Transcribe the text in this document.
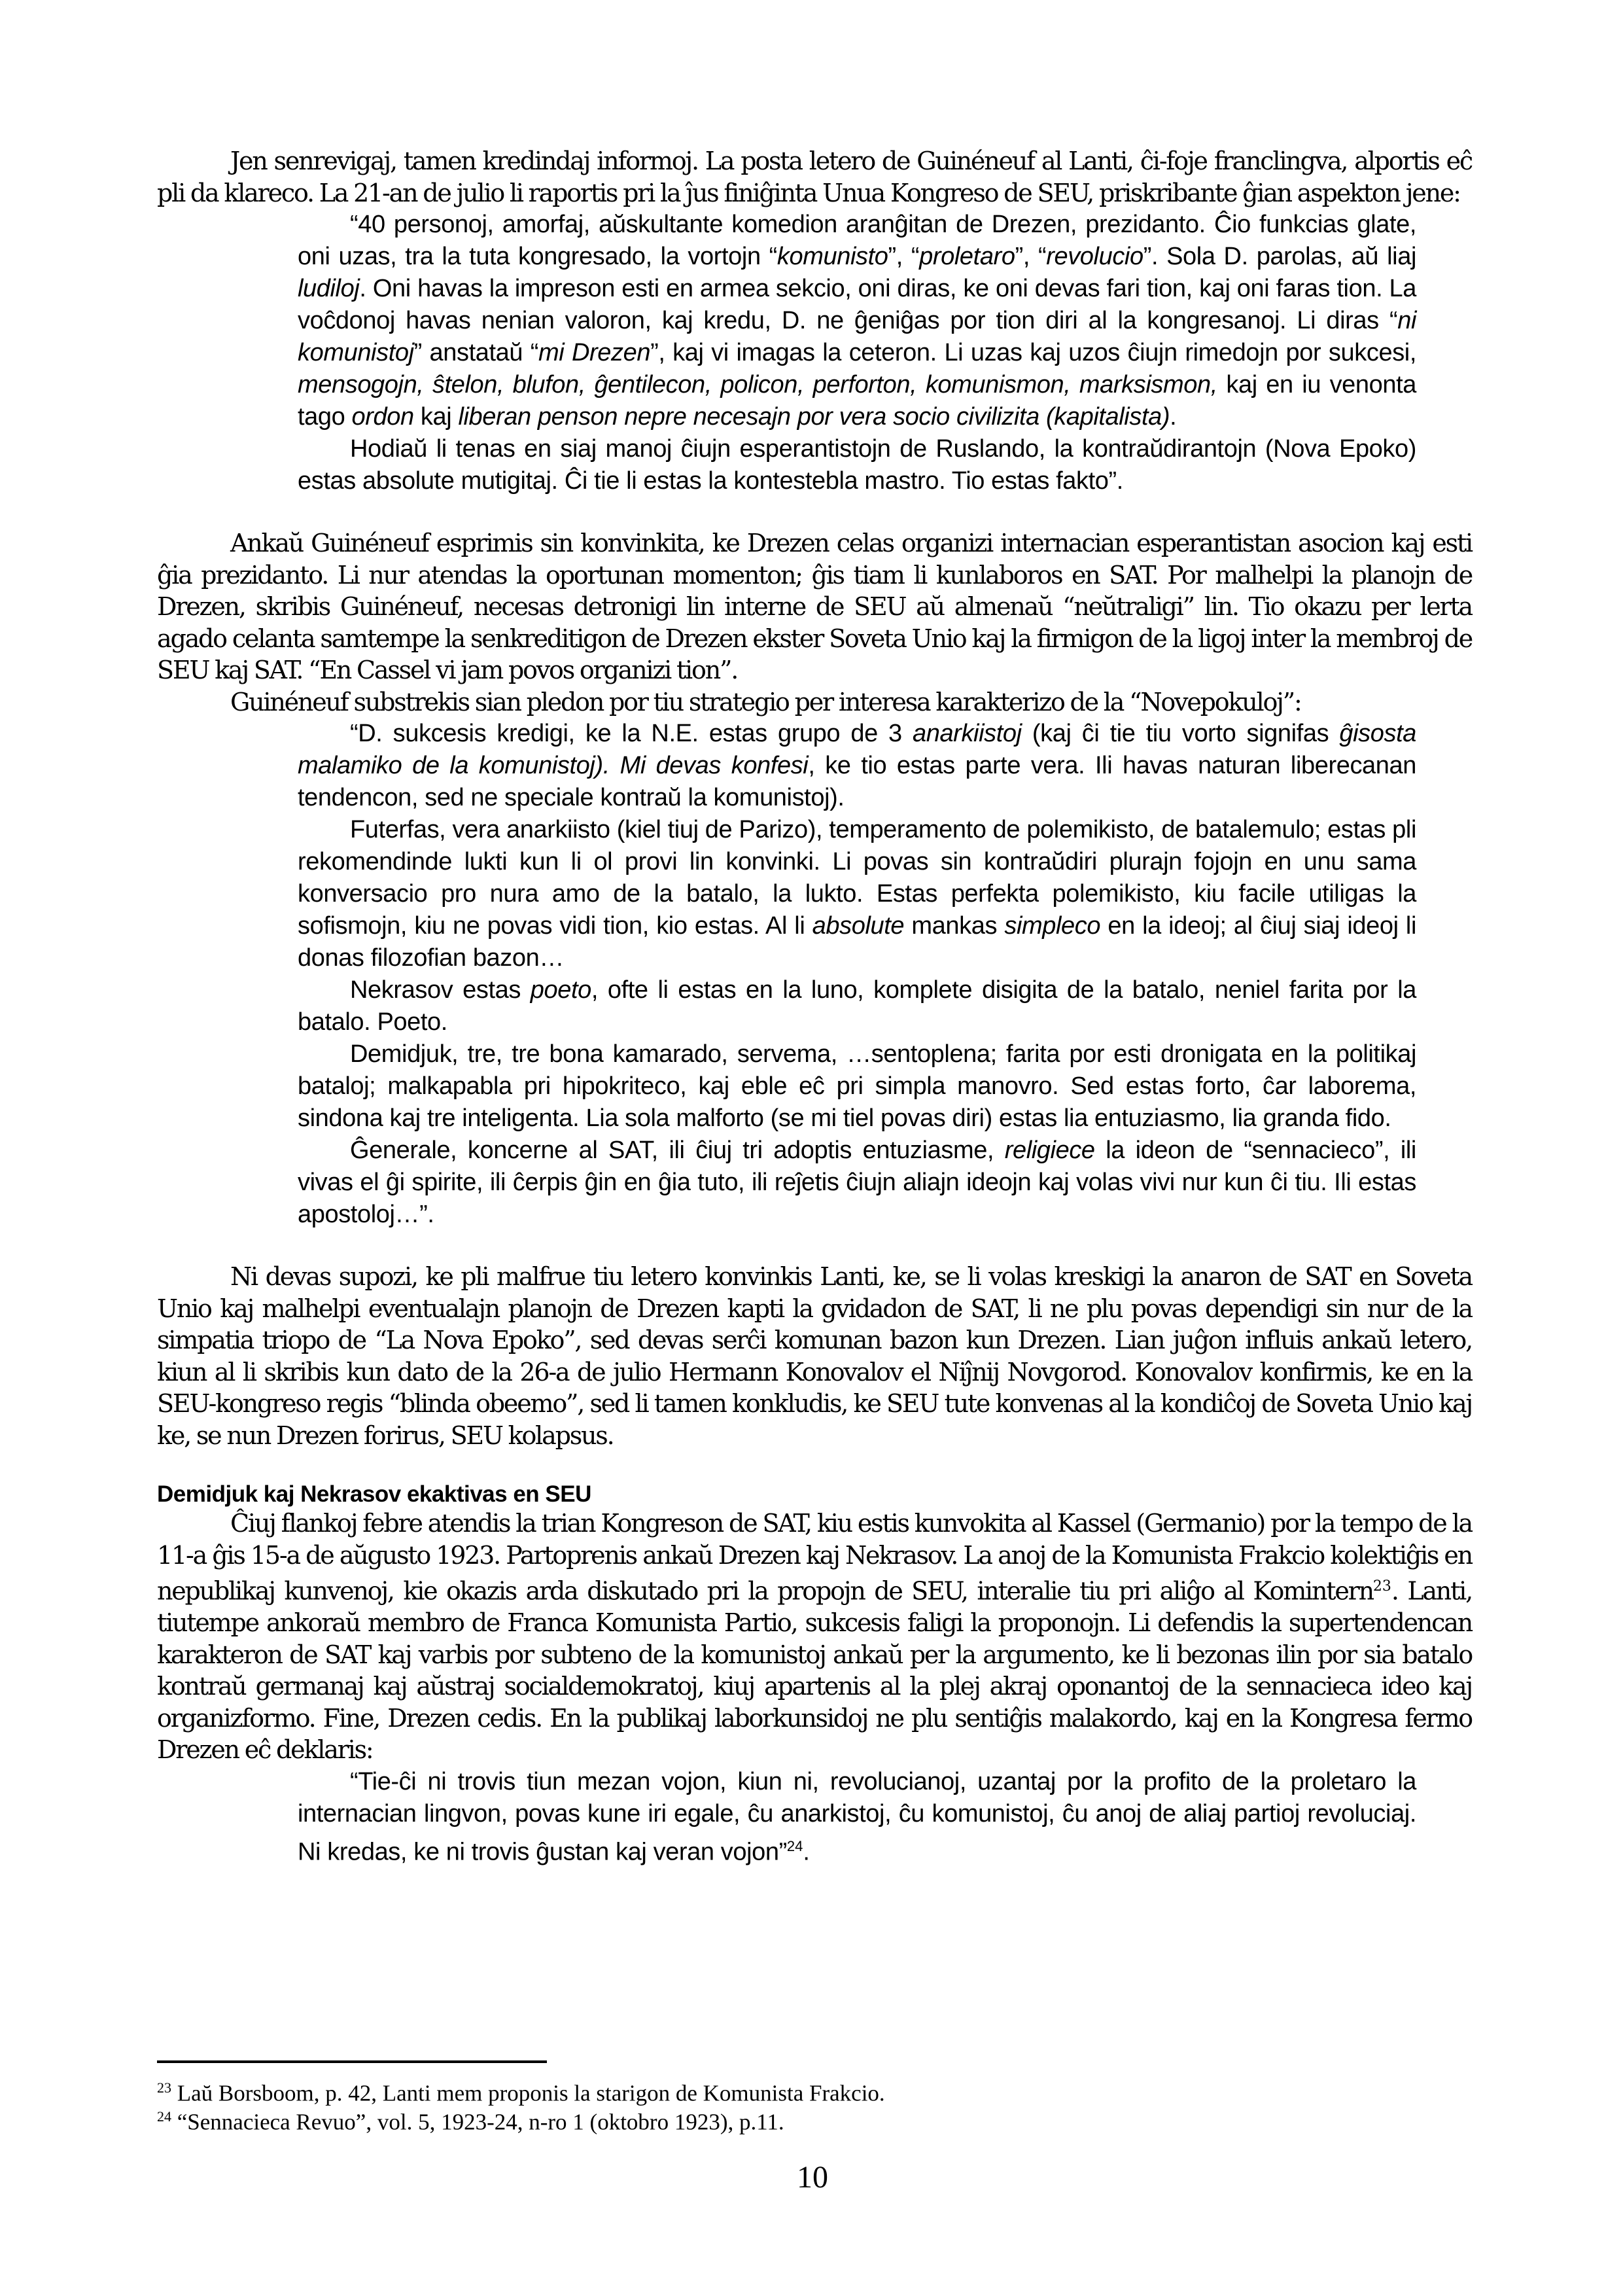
Jen senrevigaj, tamen kredindaj informoj. La posta letero de Guinéneuf al Lanti, ĉi-foje franclingva, alportis eĉ pli da klareco. La 21-an de julio li raportis pri la ĵus finiĝinta Unua Kongreso de SEU, priskribante ĝian aspekton jene:

“40 personoj, amorfaj, aŭskultante komedion aranĝitan de Drezen, prezidanto. Ĉio funkcias glate, oni uzas, tra la tuta kongresado, la vortojn “komunisto”, “proletaro”, “revolucio”. Sola D. parolas, aŭ liaj ludiloj. Oni havas la impreson esti en armea sekcio, oni diras, ke oni devas fari tion, kaj oni faras tion. La voĉdonoj havas nenian valoron, kaj kredu, D. ne ĝeniĝas por tion diri al la kongresanoj. Li diras “ni komunistoj” anstataŭ “mi Drezen”, kaj vi imagas la ceteron. Li uzas kaj uzos ĉiujn rimedojn por sukcesi, mensogojn, ŝtelon, blufon, ĝentilecon, policon, perforton, komunismon, marksismon, kaj en iu venonta tago ordon kaj liberan penson nepre necesajn por vera socio civilizita (kapitalista).

Hodiaŭ li tenas en siaj manoj ĉiujn esperantistojn de Ruslando, la kontraŭdirantojn (Nova Epoko) estas absolute mutigitaj. Ĉi tie li estas la kontestebla mastro. Tio estas fakto”.

Ankaŭ Guinéneuf esprimis sin konvinkita, ke Drezen celas organizi internacian esperantistan asocion kaj esti ĝia prezidanto. Li nur atendas la oportunan momenton; ĝis tiam li kunlaboros en SAT. Por malhelpi la planojn de Drezen, skribis Guinéneuf, necesas detronigi lin interne de SEU aŭ almenaŭ “neŭtraligi” lin. Tio okazu per lerta agado celanta samtempe la senkreditigon de Drezen ekster Soveta Unio kaj la firmigon de la ligoj inter la membroj de SEU kaj SAT. “En Cassel vi jam povos organizi tion”.

Guinéneuf substrekis sian pledon por tiu strategio per interesa karakterizo de la “Novepokuloj”:

“D. sukcesis kredigi, ke la N.E. estas grupo de 3 anarkiistoj (kaj ĉi tie tiu vorto signifas ĝisosta malamiko de la komunistoj). Mi devas konfesi, ke tio estas parte vera. Ili havas naturan liberecanan tendencon, sed ne speciale kontraŭ la komunistoj).

Futerfas, vera anarkiisto (kiel tiuj de Parizo), temperamento de polemikisto, de batalemulo; estas pli rekomendinde lukti kun li ol provi lin konvinki. Li povas sin kontraŭdiri plurajn fojojn en unu sama konversacio pro nura amo de la batalo, la lukto. Estas perfekta polemikisto, kiu facile utiligas la sofismojn, kiu ne povas vidi tion, kio estas. Al li absolute mankas simpleco en la ideoj; al ĉiuj siaj ideoj li donas filozofian bazon…

Nekrasov estas poeto, ofte li estas en la luno, komplete disigita de la batalo, neniel farita por la batalo. Poeto.

Demidjuk, tre, tre bona kamarado, servema, …sentoplena; farita por esti dronigata en la politikaj bataloj; malkapabla pri hipokriteco, kaj eble eĉ pri simpla manovro. Sed estas forto, ĉar laborema, sindona kaj tre inteligenta. Lia sola malforto (se mi tiel povas diri) estas lia entuziasmo, lia granda fido.

Ĝenerale, koncerne al SAT, ili ĉiuj tri adoptis entuziasme, religiece la ideon de “sennacieco”, ili vivas el ĝi spirite, ili ĉerpis ĝin en ĝia tuto, ili reĵetis ĉiujn aliajn ideojn kaj volas vivi nur kun ĉi tiu. Ili estas apostoloj…”.

Ni devas supozi, ke pli malfrue tiu letero konvinkis Lanti, ke, se li volas kreskigi la anaron de SAT en Soveta Unio kaj malhelpi eventualajn planojn de Drezen kapti la gvidadon de SAT, li ne plu povas dependigi sin nur de la simpatia triopo de “La Nova Epoko”, sed devas serĉi komunan bazon kun Drezen. Lian juĝon influis ankaŭ letero, kiun al li skribis kun dato de la 26-a de julio Hermann Konovalov el Niĵnij Novgorod. Konovalov konfirmis, ke en la SEU-kongreso regis “blinda obeemo”, sed li tamen konkludis, ke SEU tute konvenas al la kondiĉoj de Soveta Unio kaj ke, se nun Drezen forirus, SEU kolapsus.

Demidjuk kaj Nekrasov ekaktivas en SEU

Ĉiuj flankoj febre atendis la trian Kongreson de SAT, kiu estis kunvokita al Kassel (Germanio) por la tempo de la 11-a ĝis 15-a de aŭgusto 1923. Partoprenis ankaŭ Drezen kaj Nekrasov. La anoj de la Komunista Frakcio kolektiĝis en nepublikaj kunvenoj, kie okazis arda diskutado pri la propojn de SEU, interalie tiu pri aliĝo al Komintern$^{23}$. Lanti, tiutempe ankoraŭ membro de Franca Komunista Partio, sukcesis faligi la proponojn. Li defendis la supertendencan karakteron de SAT kaj varbis por subteno de la komunistoj ankaŭ per la argumento, ke li bezonas ilin por sia batalo kontraŭ germanaj kaj aŭstraj socialdemokratoj, kiuj apartenis al la plej akraj oponantoj de la sennacieca ideo kaj organizformo. Fine, Drezen cedis. En la publikaj laborkunsidoj ne plu sentiĝis malakordo, kaj en la Kongresa fermo Drezen eĉ deklaris:

“Tie-ĉi ni trovis tiun mezan vojon, kiun ni, revolucianoj, uzantaj por la profito de la proletaro la internacian lingvon, povas kune iri egale, ĉu anarkistoj, ĉu komunistoj, ĉu anoj de aliaj partioj revoluciaj. Ni kredas, ke ni trovis ĝustan kaj veran vojon”$^{24}$.

$^{23}$ Laŭ Borsboom, p. 42, Lanti mem proponis la starigon de Komunista Frakcio.

$^{24}$ “Sennacieca Revuo”, vol. 5, 1923-24, n-ro 1 (oktobro 1923), p.11.

10
